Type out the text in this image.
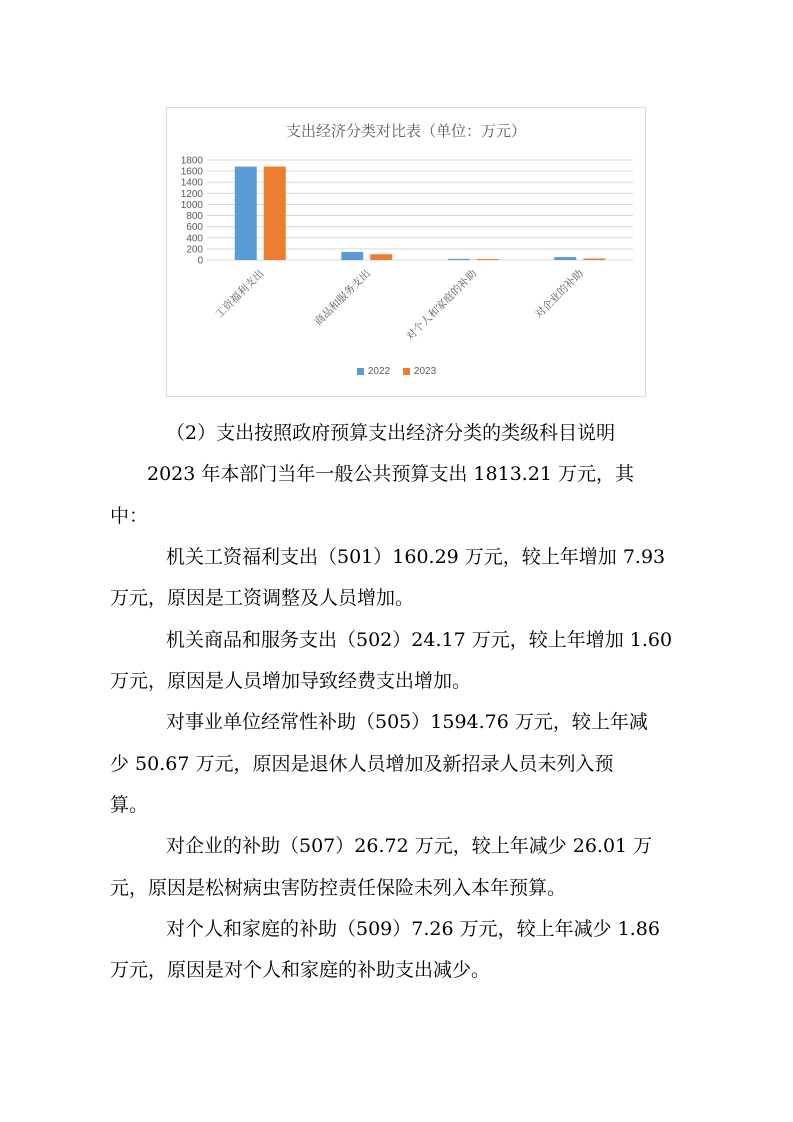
支出经济分类对比表（单位：万元）
0
200
400
600
800
1000
1200
1400
1600
1800
工资福利支出	商品和服务支出	对个人和家庭的补助	对企业的补助
2022
2023
（2）支出按照政府预算支出经济分类的类级科目说明
2023 年本部门当年一般公共预算支出 1813.21 万元，其
中：
机关工资福利支出（501）160.29 万元，较上年增加 7.93
万元，原因是工资调整及人员增加。
机关商品和服务支出（502）24.17 万元，较上年增加 1.60
万元，原因是人员增加导致经费支出增加。
对事业单位经常性补助（505）1594.76 万元，较上年减
少 50.67 万元，原因是退休人员增加及新招录人员未列入预
算。
对企业的补助（507）26.72 万元，较上年减少 26.01 万
元，原因是松树病虫害防控责任保险未列入本年预算。
对个人和家庭的补助（509）7.26 万元，较上年减少 1.86
万元，原因是对个人和家庭的补助支出减少。
